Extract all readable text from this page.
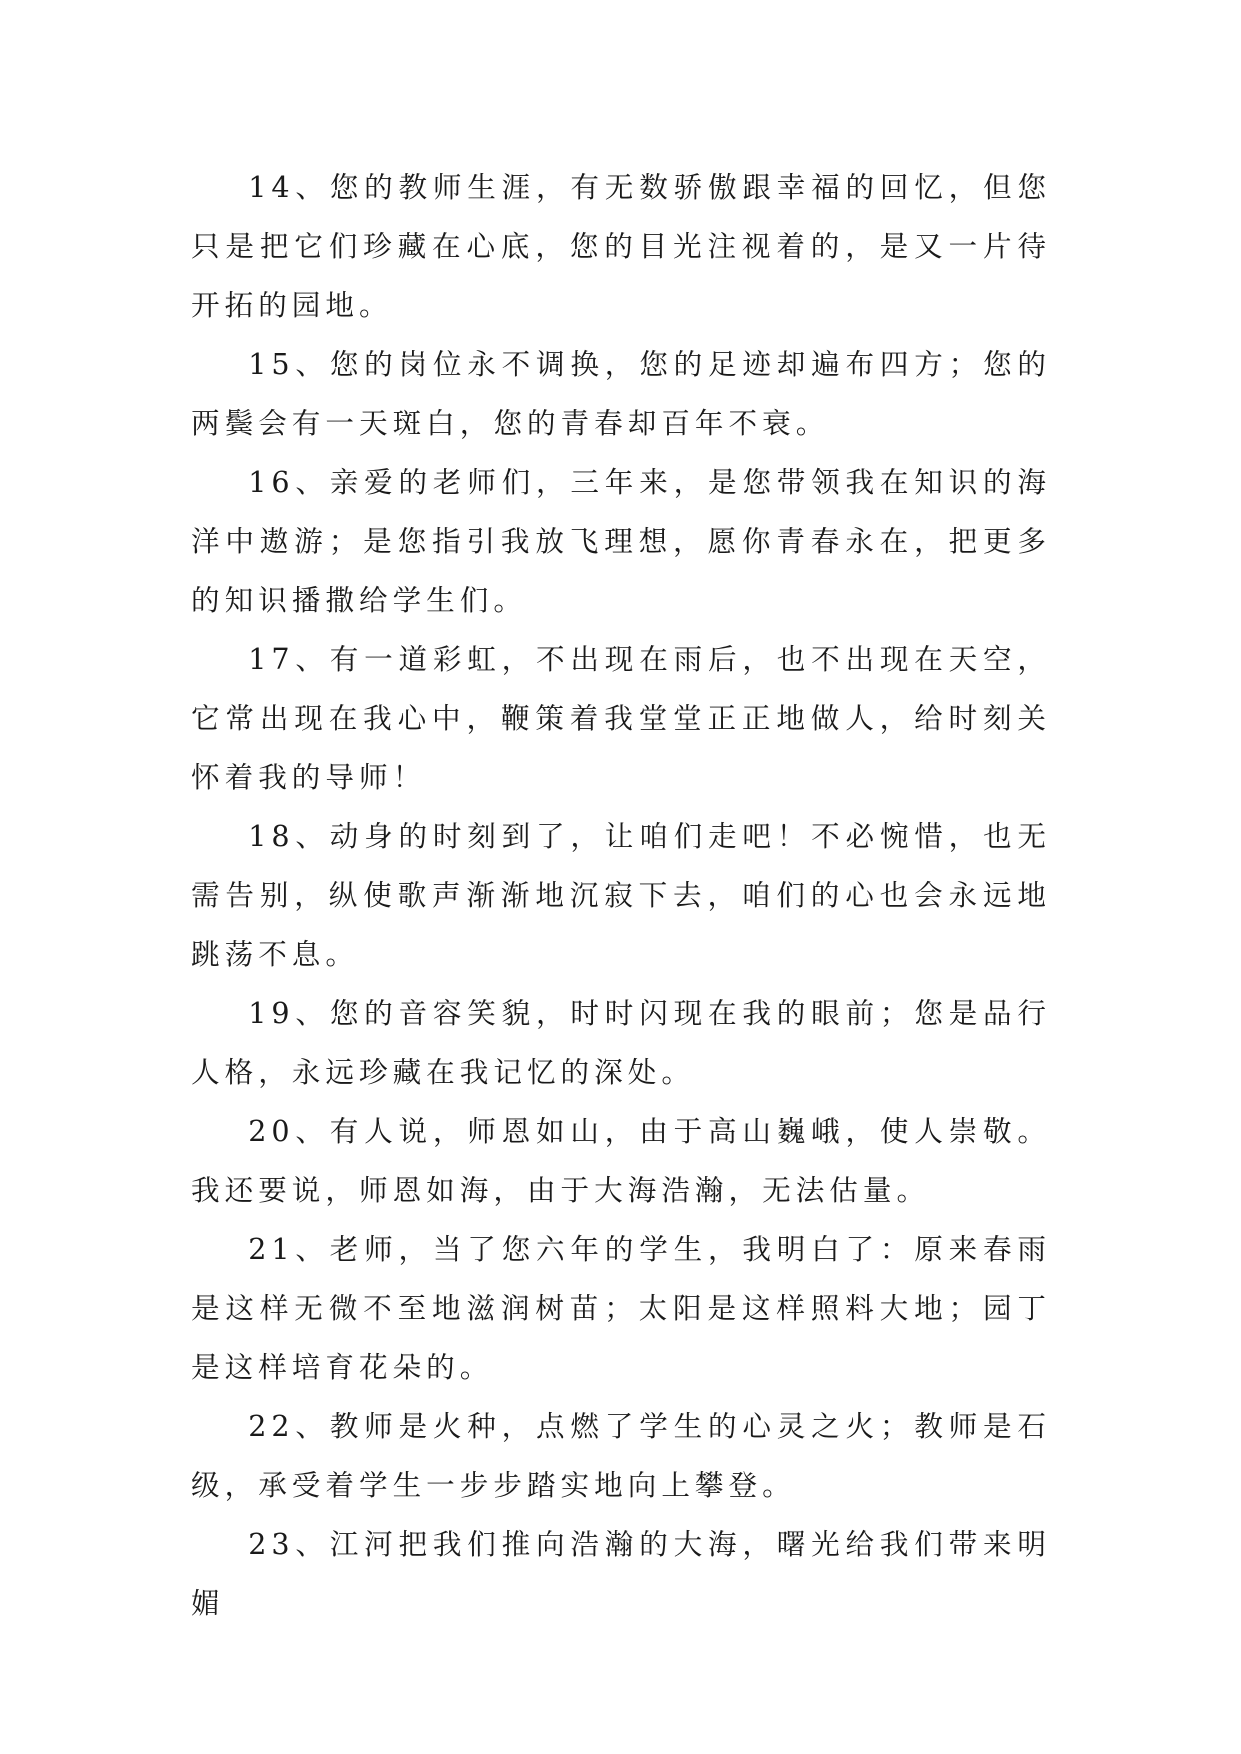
14、您的教师生涯，有无数骄傲跟幸福的回忆，但您只是把它们珍藏在心底，您的目光注视着的，是又一片待开拓的园地。

15、您的岗位永不调换，您的足迹却遍布四方；您的两鬓会有一天斑白，您的青春却百年不衰。

16、亲爱的老师们，三年来，是您带领我在知识的海洋中遨游；是您指引我放飞理想，愿你青春永在，把更多的知识播撒给学生们。

17、有一道彩虹，不出现在雨后，也不出现在天空，它常出现在我心中，鞭策着我堂堂正正地做人，给时刻关怀着我的导师！

18、动身的时刻到了，让咱们走吧！不必惋惜，也无需告别，纵使歌声渐渐地沉寂下去，咱们的心也会永远地跳荡不息。

19、您的音容笑貌，时时闪现在我的眼前；您是品行人格，永远珍藏在我记忆的深处。

20、有人说，师恩如山，由于高山巍峨，使人崇敬。我还要说，师恩如海，由于大海浩瀚，无法估量。

21、老师，当了您六年的学生，我明白了：原来春雨是这样无微不至地滋润树苗；太阳是这样照料大地；园丁是这样培育花朵的。

22、教师是火种，点燃了学生的心灵之火；教师是石级，承受着学生一步步踏实地向上攀登。

23、江河把我们推向浩瀚的大海，曙光给我们带来明媚
